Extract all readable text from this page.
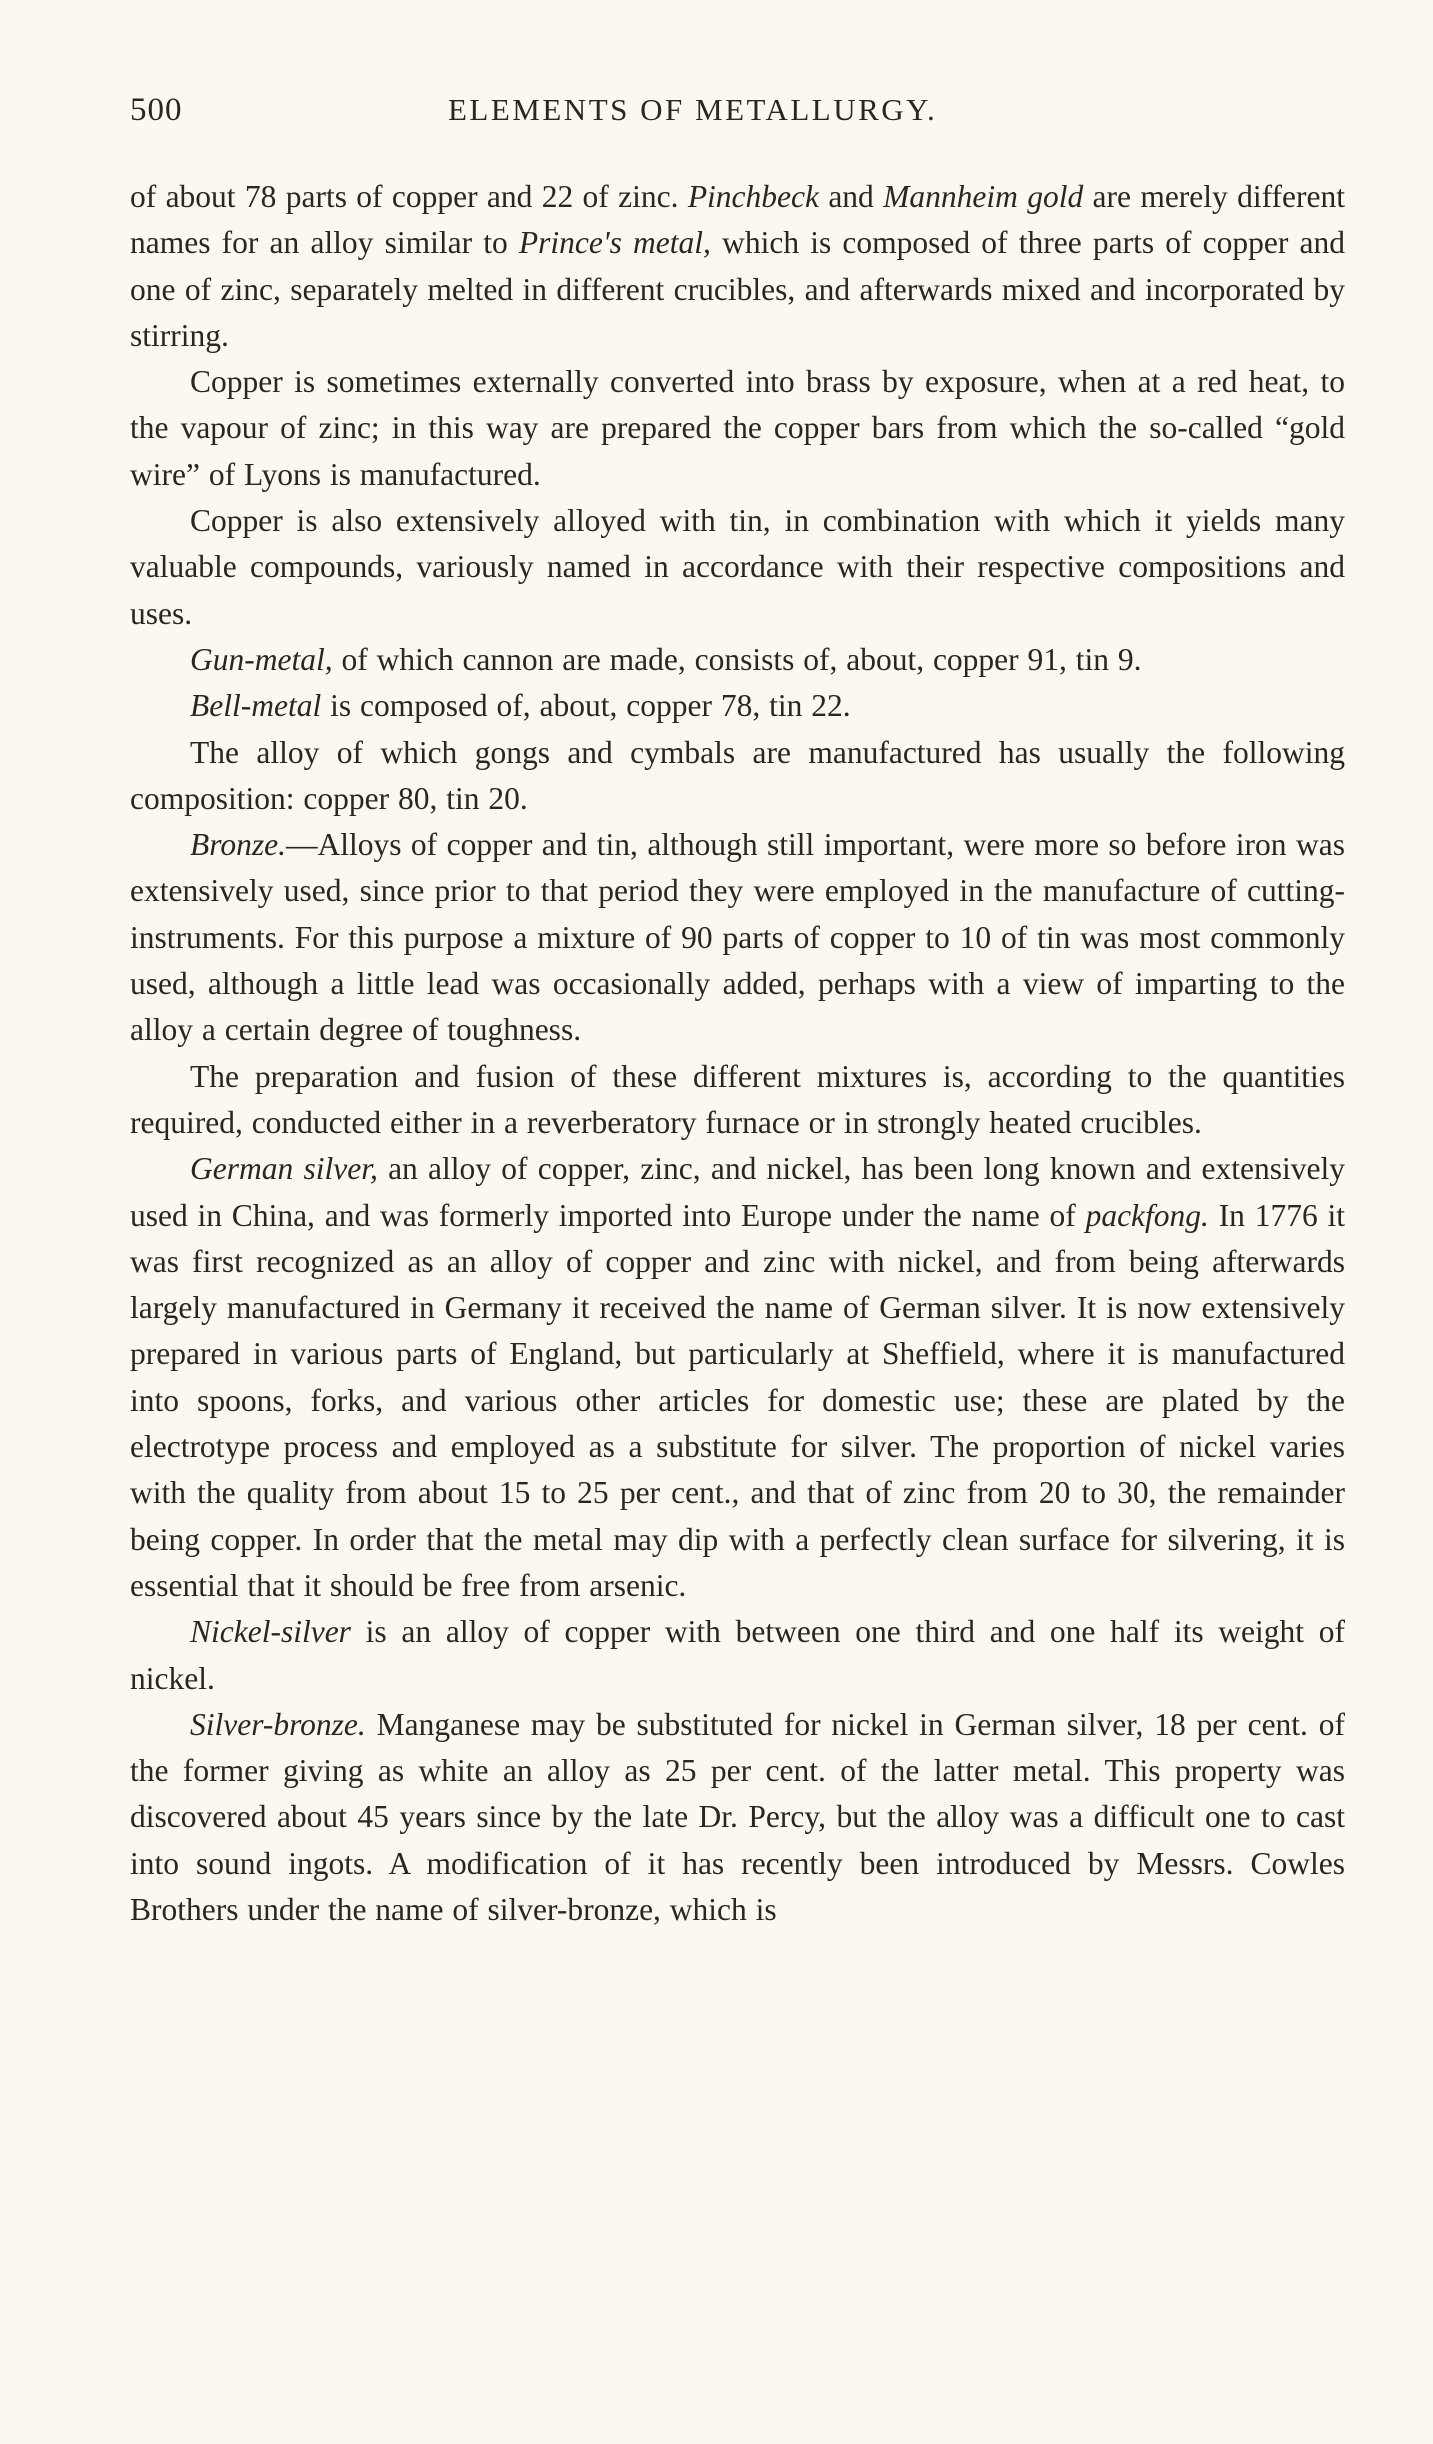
500	ELEMENTS OF METALLURGY.

of about 78 parts of copper and 22 of zinc. Pinchbeck and Mannheim gold are merely different names for an alloy similar to Prince's metal, which is composed of three parts of copper and one of zinc, separately melted in different crucibles, and afterwards mixed and incorporated by stirring.

Copper is sometimes externally converted into brass by exposure, when at a red heat, to the vapour of zinc; in this way are prepared the copper bars from which the so-called “gold wire” of Lyons is manufactured.

Copper is also extensively alloyed with tin, in combination with which it yields many valuable compounds, variously named in accordance with their respective compositions and uses.

Gun-metal, of which cannon are made, consists of, about, copper 91, tin 9.

Bell-metal is composed of, about, copper 78, tin 22.

The alloy of which gongs and cymbals are manufactured has usually the following composition: copper 80, tin 20.

Bronze.—Alloys of copper and tin, although still important, were more so before iron was extensively used, since prior to that period they were employed in the manufacture of cutting-instruments. For this purpose a mixture of 90 parts of copper to 10 of tin was most commonly used, although a little lead was occasionally added, perhaps with a view of imparting to the alloy a certain degree of toughness.

The preparation and fusion of these different mixtures is, according to the quantities required, conducted either in a reverberatory furnace or in strongly heated crucibles.

German silver, an alloy of copper, zinc, and nickel, has been long known and extensively used in China, and was formerly imported into Europe under the name of packfong. In 1776 it was first recognized as an alloy of copper and zinc with nickel, and from being afterwards largely manufactured in Germany it received the name of German silver. It is now extensively prepared in various parts of England, but particularly at Sheffield, where it is manufactured into spoons, forks, and various other articles for domestic use; these are plated by the electrotype process and employed as a substitute for silver. The proportion of nickel varies with the quality from about 15 to 25 per cent., and that of zinc from 20 to 30, the remainder being copper. In order that the metal may dip with a perfectly clean surface for silvering, it is essential that it should be free from arsenic.

Nickel-silver is an alloy of copper with between one third and one half its weight of nickel.

Silver-bronze. Manganese may be substituted for nickel in German silver, 18 per cent. of the former giving as white an alloy as 25 per cent. of the latter metal. This property was discovered about 45 years since by the late Dr. Percy, but the alloy was a difficult one to cast into sound ingots. A modification of it has recently been introduced by Messrs. Cowles Brothers under the name of silver-bronze, which is
